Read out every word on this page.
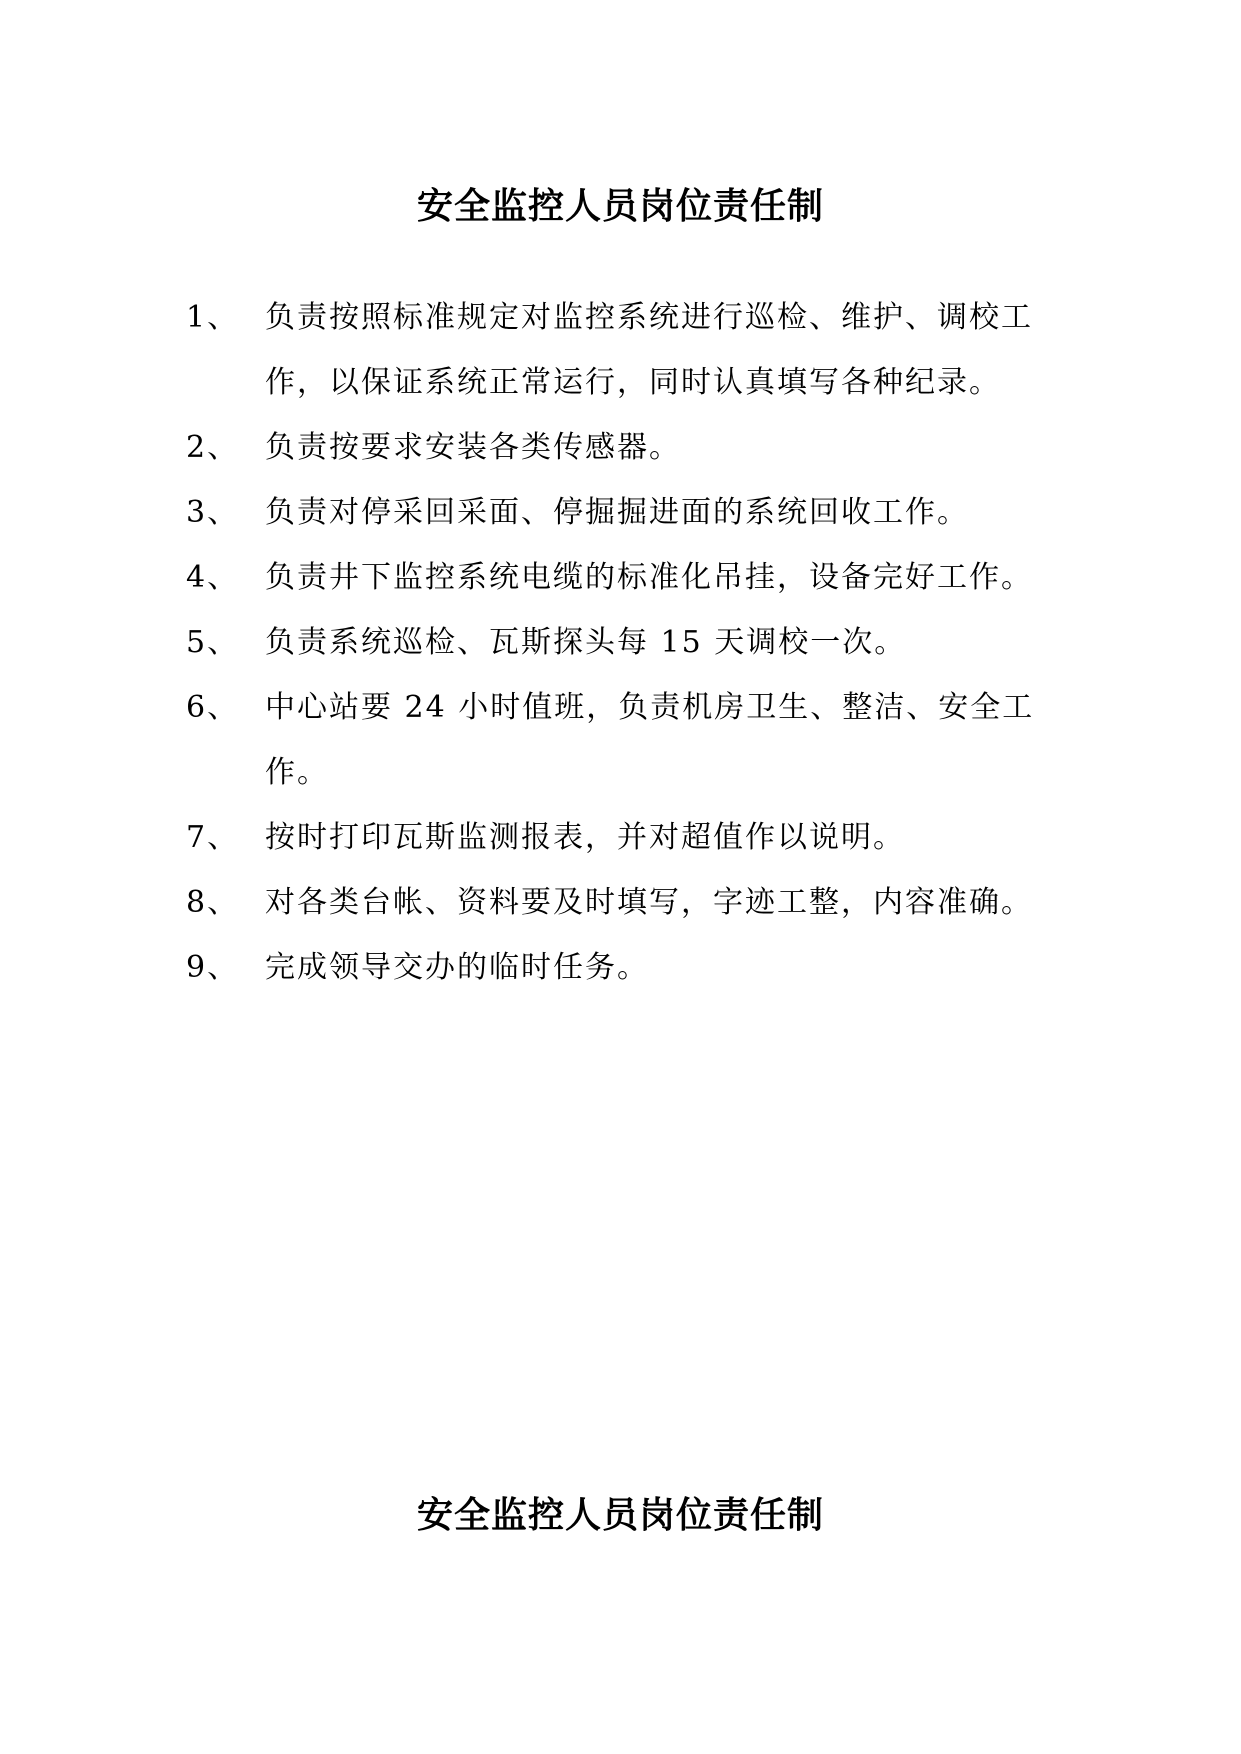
安全监控人员岗位责任制
1、 负责按照标准规定对监控系统进行巡检、维护、调校工作，以保证系统正常运行，同时认真填写各种纪录。
2、 负责按要求安装各类传感器。
3、 负责对停采回采面、停掘掘进面的系统回收工作。
4、 负责井下监控系统电缆的标准化吊挂，设备完好工作。
5、 负责系统巡检、瓦斯探头每 15 天调校一次。
6、 中心站要 24 小时值班，负责机房卫生、整洁、安全工作。
7、 按时打印瓦斯监测报表，并对超值作以说明。
8、 对各类台帐、资料要及时填写，字迹工整，内容准确。
9、 完成领导交办的临时任务。
安全监控人员岗位责任制
